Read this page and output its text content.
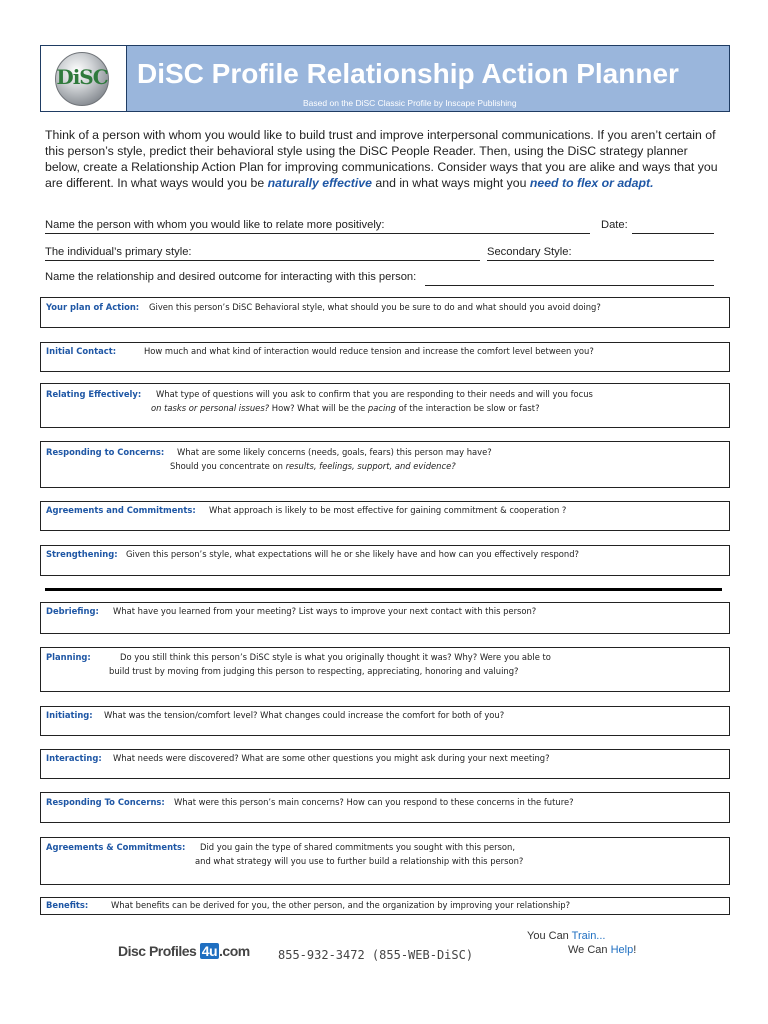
DiSC DiSC Profile Relationship Action Planner
Based on the DiSC Classic Profile by Inscape Publishing

Think of a person with whom you would like to build trust and improve interpersonal communications. If you aren’t certain of this person’s style, predict their behavioral style using the DiSC People Reader. Then, using the DiSC strategy planner below, create a Relationship Action Plan for improving communications. Consider ways that you are alike and ways that you are different. In what ways would you be naturally effective and in what ways might you need to flex or adapt.

Name the person with whom you would like to relate more positively:	Date:
The individual’s primary style:	Secondary Style:
Name the relationship and desired outcome for interacting with this person:
Your plan of Action: Given this person’s DiSC Behavioral style, what should you be sure to do and what should you avoid doing?
Initial Contact:	How much and what kind of interaction would reduce tension and increase the comfort level between you?
Relating Effectively: What type of questions will you ask to confirm that you are responding to their needs and will you focus
on tasks or personal issues? How? What will be the pacing of the interaction be slow or fast?
Responding to Concerns: What are some likely concerns (needs, goals, fears) this person may have?
Should you concentrate on results, feelings, support, and evidence?
Agreements and Commitments: What approach is likely to be most effective for gaining commitment & cooperation ?
Strengthening: Given this person’s style, what expectations will he or she likely have and how can you effectively respond?
Debriefing: What have you learned from your meeting? List ways to improve your next contact with this person?
Planning:	Do you still think this person’s DiSC style is what you originally thought it was? Why? Were you able to
build trust by moving from judging this person to respecting, appreciating, honoring and valuing?
Initiating: What was the tension/comfort level? What changes could increase the comfort for both of you?
Interacting: What needs were discovered? What are some other questions you might ask during your next meeting?
Responding To Concerns: What were this person’s main concerns? How can you respond to these concerns in the future?
Agreements & Commitments: Did you gain the type of shared commitments you sought with this person,
and what strategy will you use to further build a relationship with this person?
Benefits:	What benefits can be derived for you, the other person, and the organization by improving your relationship?
Disc Profiles 4u .com 855-932-3472 (855-WEB-DiSC)
You Can Train...
We Can Help!
